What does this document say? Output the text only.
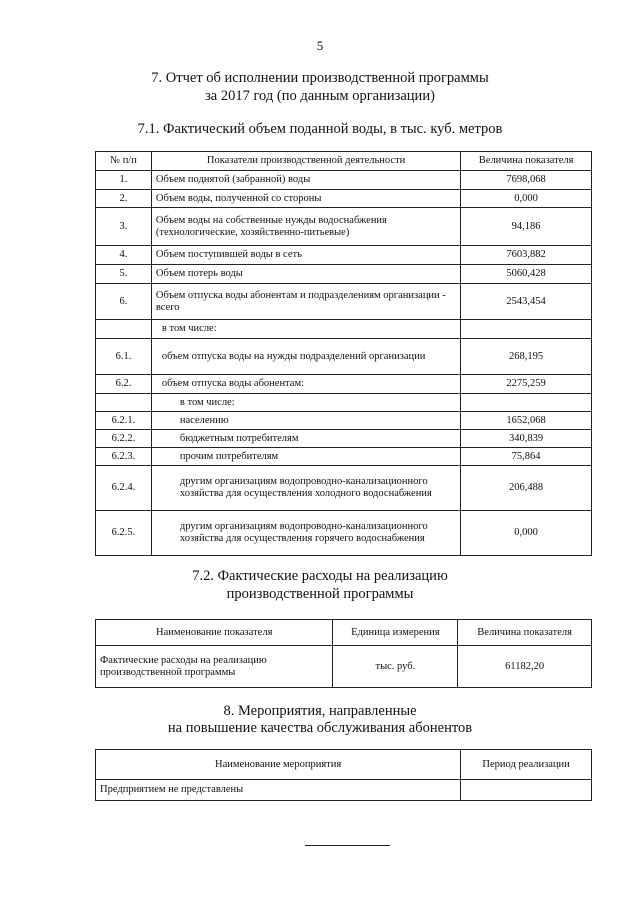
5
7. Отчет об исполнении производственной программы
за 2017 год (по данным организации)
7.1. Фактический объем поданной воды, в тыс. куб. метров
№ п/п	Показатели производственной деятельности	Величина показателя
1.	Объем поднятой (забранной) воды	7698,068
2.	Объем воды, полученной со стороны	0,000
3.	Объем воды на собственные нужды водоснабжения (технологические, хозяйственно-питьевые)	94,186
4.	Объем поступившей воды в сеть	7603,882
5.	Объем потерь воды	5060,428
6.	Объем отпуска воды абонентам и подразделениям организации - всего	2543,454
	в том числе:	
6.1.	объем отпуска воды на нужды подразделений организации	268,195
6.2.	объем отпуска воды абонентам:	2275,259
	в том числе:	
6.2.1.	населению	1652,068
6.2.2.	бюджетным потребителям	340,839
6.2.3.	прочим потребителям	75,864
6.2.4.	другим организациям водопроводно-канализационного хозяйства для осуществления холодного водоснабжения	206,488
6.2.5.	другим организациям водопроводно-канализационного хозяйства для осуществления горячего водоснабжения	0,000
7.2. Фактические расходы на реализацию
производственной программы
Наименование показателя	Единица измерения	Величина показателя
Фактические расходы на реализацию производственной программы	тыс. руб.	61182,20
8. Мероприятия, направленные
на повышение качества обслуживания абонентов
Наименование мероприятия	Период реализации
Предприятием не представлены	
